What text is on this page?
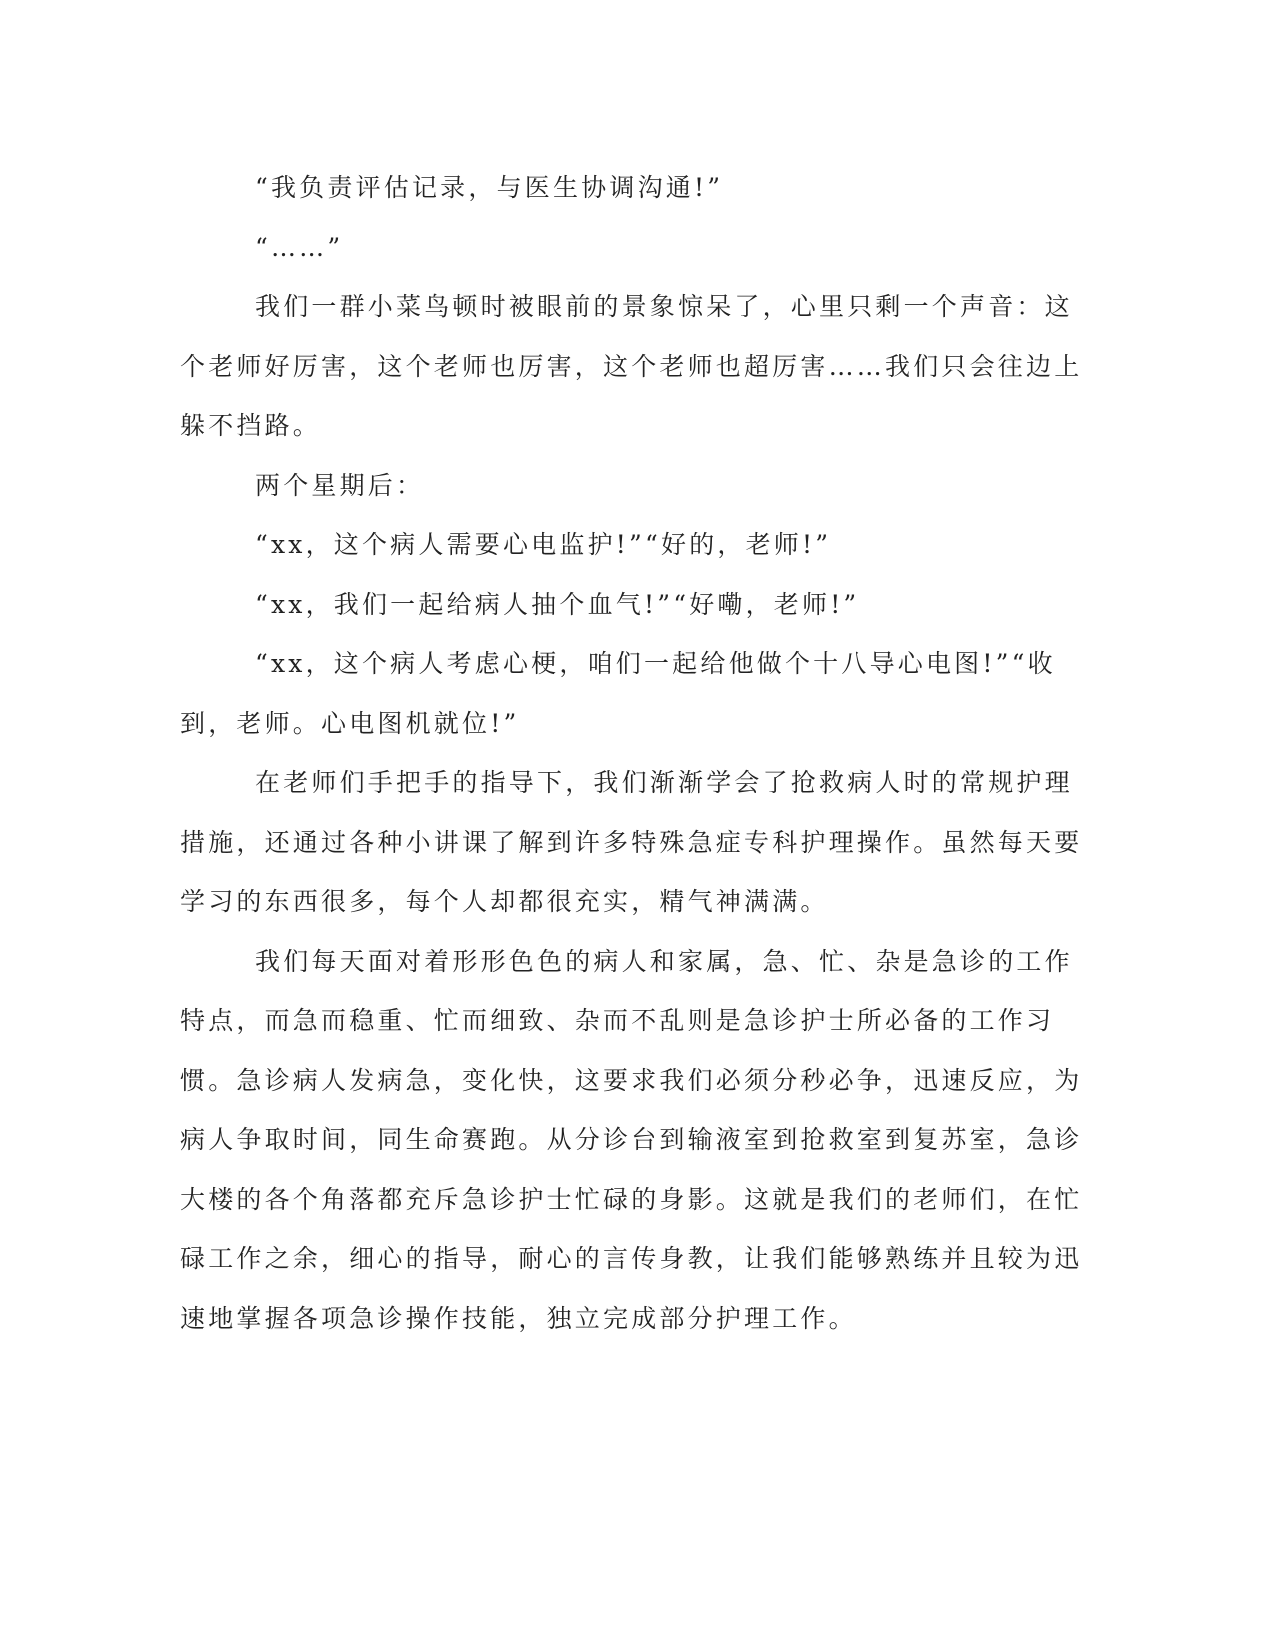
“我负责评估记录，与医生协调沟通!”

“……”

我们一群小菜鸟顿时被眼前的景象惊呆了，心里只剩一个声音：这个老师好厉害，这个老师也厉害，这个老师也超厉害……我们只会往边上躲不挡路。

两个星期后：

“xx，这个病人需要心电监护!”“好的，老师!”

“xx，我们一起给病人抽个血气!”“好嘞，老师!”

“xx，这个病人考虑心梗，咱们一起给他做个十八导心电图!”“收到，老师。心电图机就位!”

在老师们手把手的指导下，我们渐渐学会了抢救病人时的常规护理措施，还通过各种小讲课了解到许多特殊急症专科护理操作。虽然每天要学习的东西很多，每个人却都很充实，精气神满满。

我们每天面对着形形色色的病人和家属，急、忙、杂是急诊的工作特点，而急而稳重、忙而细致、杂而不乱则是急诊护士所必备的工作习惯。急诊病人发病急，变化快，这要求我们必须分秒必争，迅速反应，为病人争取时间，同生命赛跑。从分诊台到输液室到抢救室到复苏室，急诊大楼的各个角落都充斥急诊护士忙碌的身影。这就是我们的老师们，在忙碌工作之余，细心的指导，耐心的言传身教，让我们能够熟练并且较为迅速地掌握各项急诊操作技能，独立完成部分护理工作。
